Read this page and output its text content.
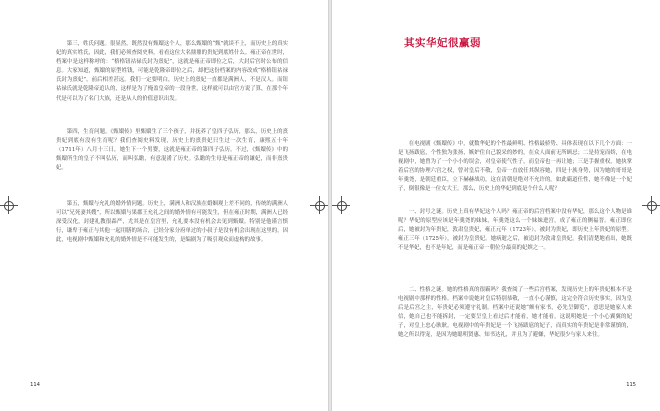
第三，姓氏问题。很显然，既然没有甄嬛这个人，那么甄嬛的“甄”就谈不上，而历史上的真实妃的真实姓氏，因此，我们必须查阅史料，看看这位大名鼎鼎的贵妃到底姓什么。雍正帝在世时，档案中是这样称呼的：“格格钮祜禄氏封为熹妃”，这就是雍正帝即位之后，大封后宫时公布的信息。大家知道，甄嬛的原型姓钱，可能是乾隆帝即位之后，却把这份档案的内容改成“格格钮祜禄氏封为熹妃”，前后相差甚远。我们一定要明白，历史上的熹妃一直都是满洲人，不是汉人。而钮祜禄氏就是乾隆帝追认的，这样是为了掩盖皇帝的一段身世，这样就可以由官方说了算，在那个年代是可以为了名门大族，还是从人的价值意识出发。

第四，生育问题。《甄嬛传》里甄嬛生了三个孩子，并抚养了皇四子弘历，那么，历史上的熹贵妃到底有没有生育呢？我们查阅史料发现，历史上的熹贵妃只生过一次生育，康熙五十年（1711年）八月十三日，她生下一个男婴，这就是雍正帝的第四子弘历。不过，《甄嬛传》中的甄嬛所生的皇子不叫弘历，而叫弘瞻，有意混淆了历史。弘瞻的生母是雍正帝的谦妃，而非熹贵妃。

第五，甄嬛与允礼的婚外情问题。历史上，满洲人和汉族在婚姻观上差不同的，传统的满洲人可以“兄死妻其嫂”，所以甄嬛与果郡王允礼之间的婚外情有可能发生，但在雍正时期，满洲人已经深受汉化，封建礼教很森严，尤其是在皇宫里，允礼要本没有机会去见到甄嬛。特别是他谨言慎行，谦卑于雍正与其他一起用膳的场合，已经分家分府单过的小叔子是没有机会出现在这里的。因此，电视剧中甄嬛和允礼的婚外情是不可能发生的，是编剧为了吸引观众而虚构的故事。

114
其实华妃很赢弱

在电视剧《甄嬛传》中，就数华妃的个性最鲜明、性格最骄势、具体表现在以下几个方面：一是飞扬跋扈，个性独为张扬，嫉妒住自己貌采的妙的，在众人面前无所顾忌；二是持宠而娇，在电视剧中，她曾为了一个小小的误会，对皇帝使气性子，而皇帝也一再让她；三是手握重权，她执掌着后宫的协理六宫之权，曾对皇后不敬，皇帝一直放任其纵容她，四是十族身势，因为她的哥哥是年羹尧，是朝廷重臣，立下赫赫战功，这在清朝是绝对不允许的。如此霸道任性，她不像是一个妃子，倒很像是一位女大王。那么，历史上的华妃到底是个什么人呢？

一、封号之谜。历史上真有华妃这个人吗？雍正帝的后宫档案中没有华妃，那么这个人物是谁呢？华妃的原型应该是年羹尧的妹妹，年羹尧这么一个妹妹进宫，成了雍正的侧福晋。雍正即位后，她被封为年贵妃，敦肃皇贵妃，雍正元年（1723年），被封为贵妃，即历史上年贵妃的原型。雍正三年（1725年），被封为皇贵妃。她病逝之后，被追封为敦肃皇贵妃。我们清楚地看出，她既不是华妃，也不是年妃，而是雍正帝一朝位分最高的妃嫔之一。

二、性格之谜。她的性格真的很霸吗？我查阅了一些后宫档案，发现历史上的年贵妃根本不是电视剧中那样的性格。档案中说她对皇后特别恭敬，一直小心谨慎，这完全符合历史事实，因为皇后是后宫之主，年贵妃必须遵守礼制。档案中还说她“颇有家书，必先呈御览”，意思是她家人来信，她自己也不能拆封，一定要呈皇上看过后才能看，她才能看。这说明她是一个小心翼翼的妃子，对皇上忠心耿耿。电视剧中的年贵妃是一个飞扬跋扈的妃子，而真实的年贵妃是非常谨慎的，她之所以得宠，是因为她聪明贤惠、知书达礼，并且为了避嫌，华妃很少与家人来往。

115
